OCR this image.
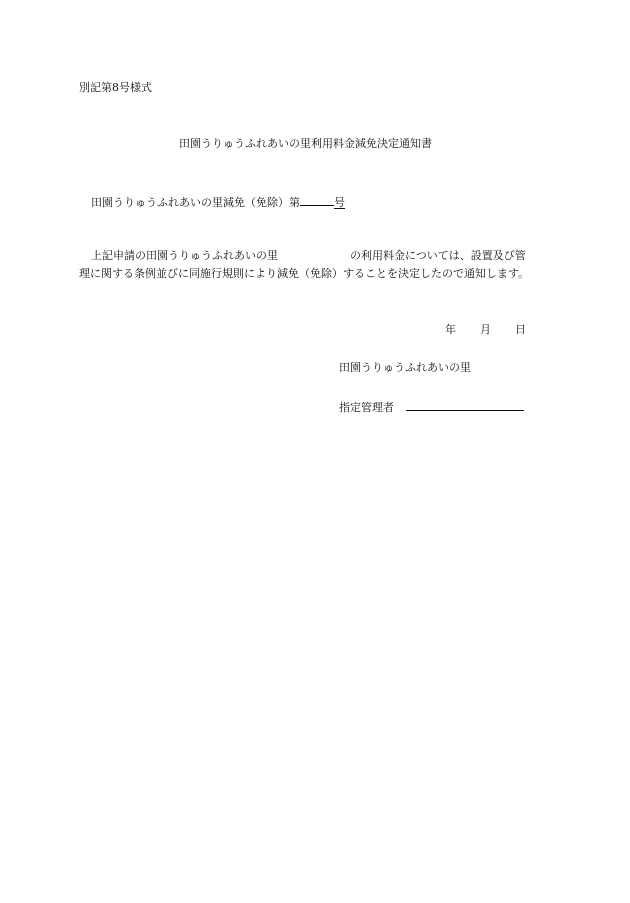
別記第8号様式
田園うりゅうふれあいの里利用料金減免決定通知書
田園うりゅうふれあいの里減免（免除）第	号
上記申請の田園うりゅうふれあいの里	の利用料金については、設置及び管
理に関する条例並びに同施行規則により減免（免除）することを決定したので通知します。
年 月 日
田園うりゅうふれあいの里
指定管理者
